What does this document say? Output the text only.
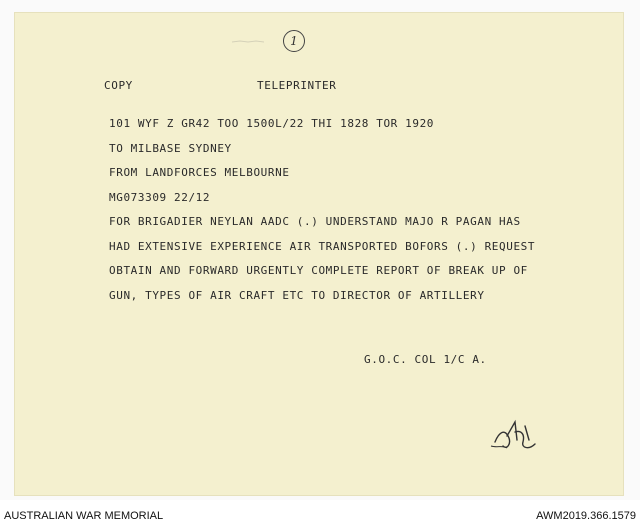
1
COPY	TELEPRINTER
101 WYF Z GR42 TOO 1500L/22 THI 1828 TOR 1920
TO MILBASE SYDNEY
FROM LANDFORCES MELBOURNE
MG073309 22/12
FOR BRIGADIER NEYLAN AADC (.) UNDERSTAND MAJO R PAGAN HAS
HAD EXTENSIVE EXPERIENCE AIR TRANSPORTED BOFORS (.) REQUEST
OBTAIN AND FORWARD URGENTLY COMPLETE REPORT OF BREAK UP OF
GUN, TYPES OF AIR CRAFT ETC TO DIRECTOR OF ARTILLERY
G.O.C. COL 1/C A.
AUSTRALIAN WAR MEMORIAL	AWM2019.366.1579
